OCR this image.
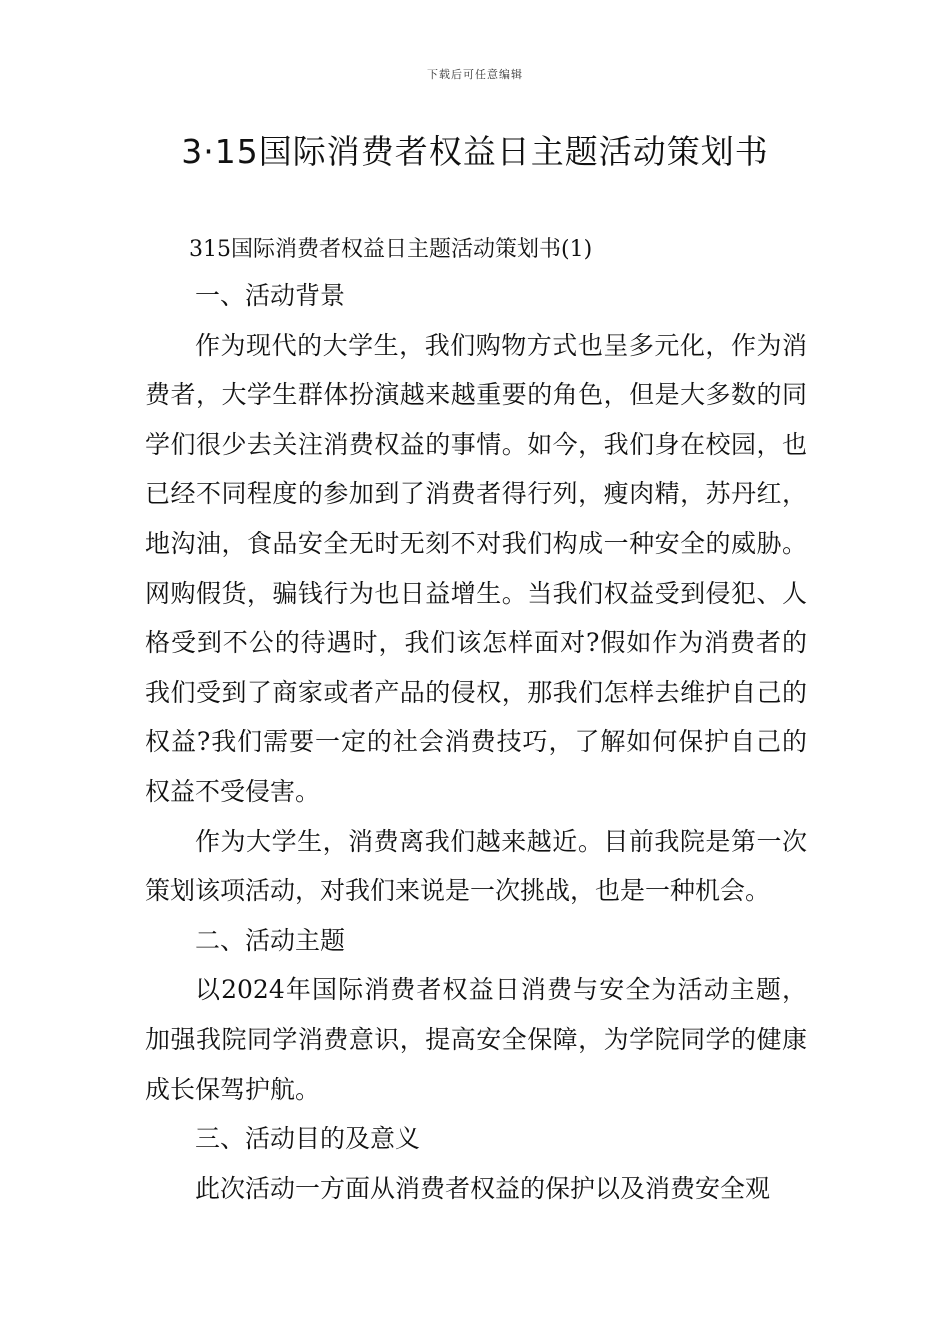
下载后可任意编辑
3·15国际消费者权益日主题活动策划书

315国际消费者权益日主题活动策划书(1)

一、活动背景

作为现代的大学生，我们购物方式也呈多元化，作为消费者，大学生群体扮演越来越重要的角色，但是大多数的同学们很少去关注消费权益的事情。如今，我们身在校园，也已经不同程度的参加到了消费者得行列，瘦肉精，苏丹红，地沟油，食品安全无时无刻不对我们构成一种安全的威胁。网购假货，骗钱行为也日益增生。当我们权益受到侵犯、人格受到不公的待遇时，我们该怎样面对?假如作为消费者的我们受到了商家或者产品的侵权，那我们怎样去维护自己的权益?我们需要一定的社会消费技巧，了解如何保护自己的权益不受侵害。

作为大学生，消费离我们越来越近。目前我院是第一次策划该项活动，对我们来说是一次挑战，也是一种机会。

二、活动主题

以2024年国际消费者权益日消费与安全为活动主题，加强我院同学消费意识，提高安全保障，为学院同学的健康成长保驾护航。

三、活动目的及意义

此次活动一方面从消费者权益的保护以及消费安全观
